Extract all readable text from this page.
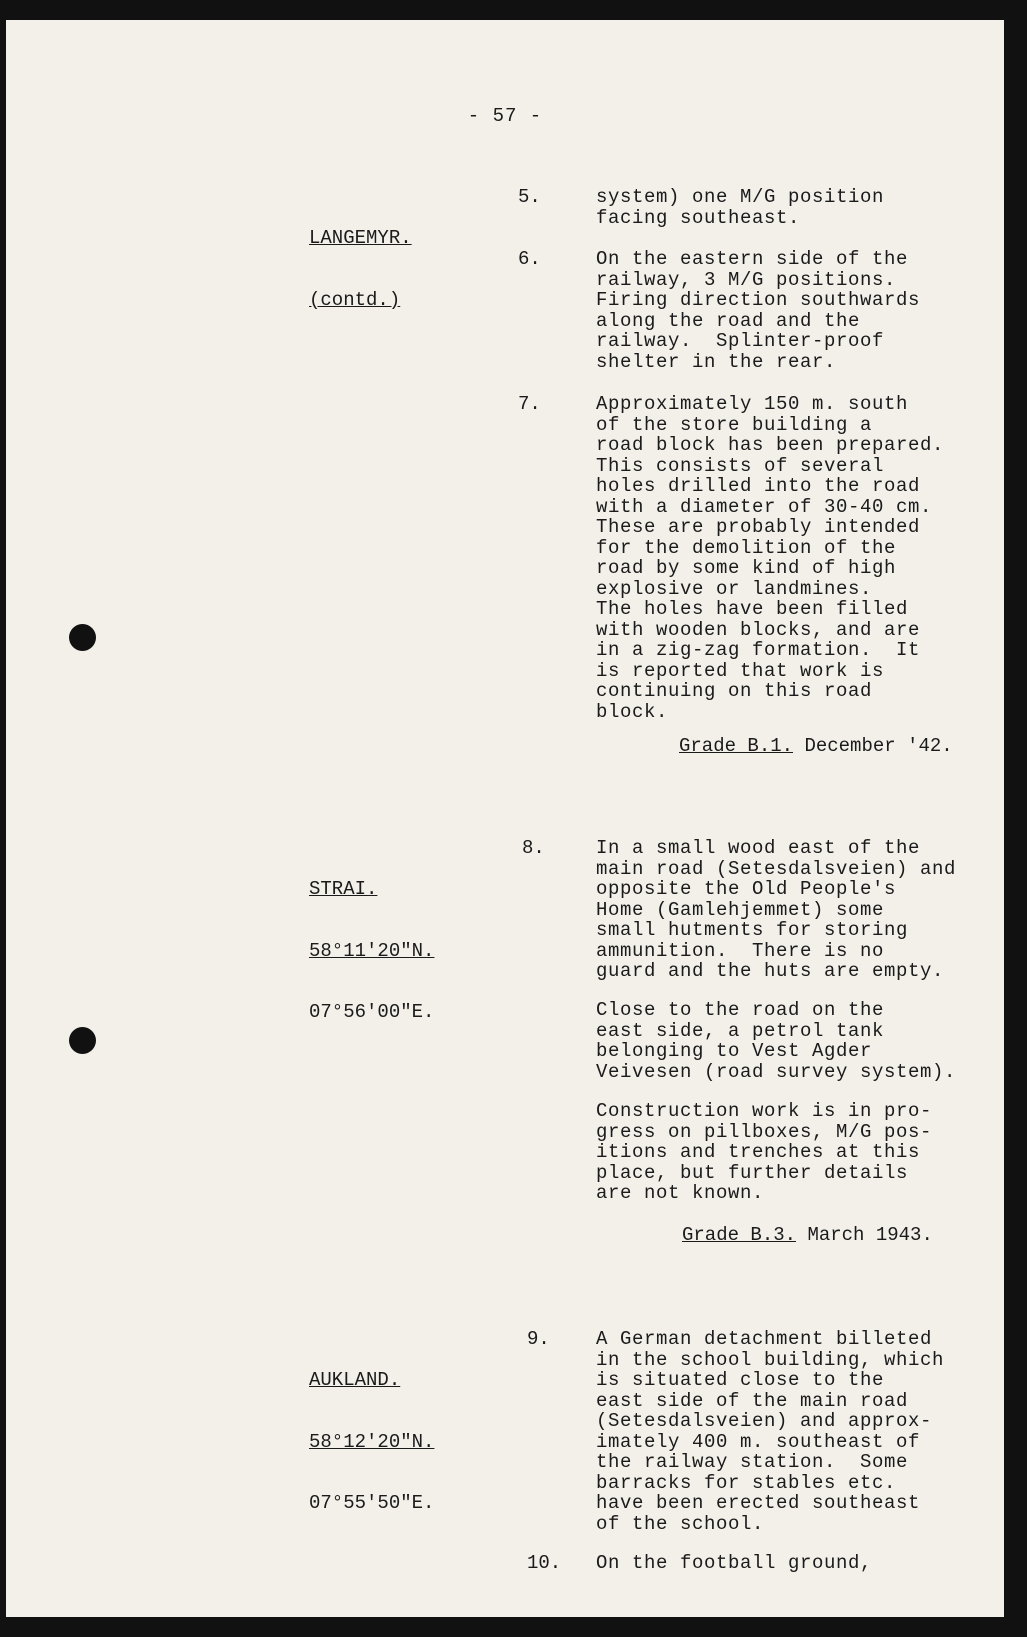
- 57 -

LANGEMYR.

(contd.)

5.	system) one M/G position
facing southeast.
6.	On the eastern side of the
railway, 3 M/G positions.
Firing direction southwards
along the road and the
railway.  Splinter-proof
shelter in the rear.
7.	Approximately 150 m. south
of the store building a
road block has been prepared.
This consists of several
holes drilled into the road
with a diameter of 30-40 cm.
These are probably intended
for the demolition of the
road by some kind of high
explosive or landmines.
The holes have been filled
with wooden blocks, and are
in a zig-zag formation.  It
is reported that work is
continuing on this road
block.
Grade B.1. December '42.

STRAI.

58°11'20"N.

07°56'00"E.

8.	In a small wood east of the
main road (Setesdalsveien) and
opposite the Old People's
Home (Gamlehjemmet) some
small hutments for storing
ammunition.  There is no
guard and the huts are empty.
Close to the road on the
east side, a petrol tank
belonging to Vest Agder
Veivesen (road survey system).
Construction work is in pro-
gress on pillboxes, M/G pos-
itions and trenches at this
place, but further details
are not known.
Grade B.3. March 1943.

AUKLAND.

58°12'20"N.

07°55'50"E.

9. A German detachment billeted
in the school building, which
is situated close to the
east side of the main road
(Setesdalsveien) and approx-
imately 400 m. southeast of
the railway station.  Some
barracks for stables etc.
have been erected southeast
of the school.
10. On the football ground,
